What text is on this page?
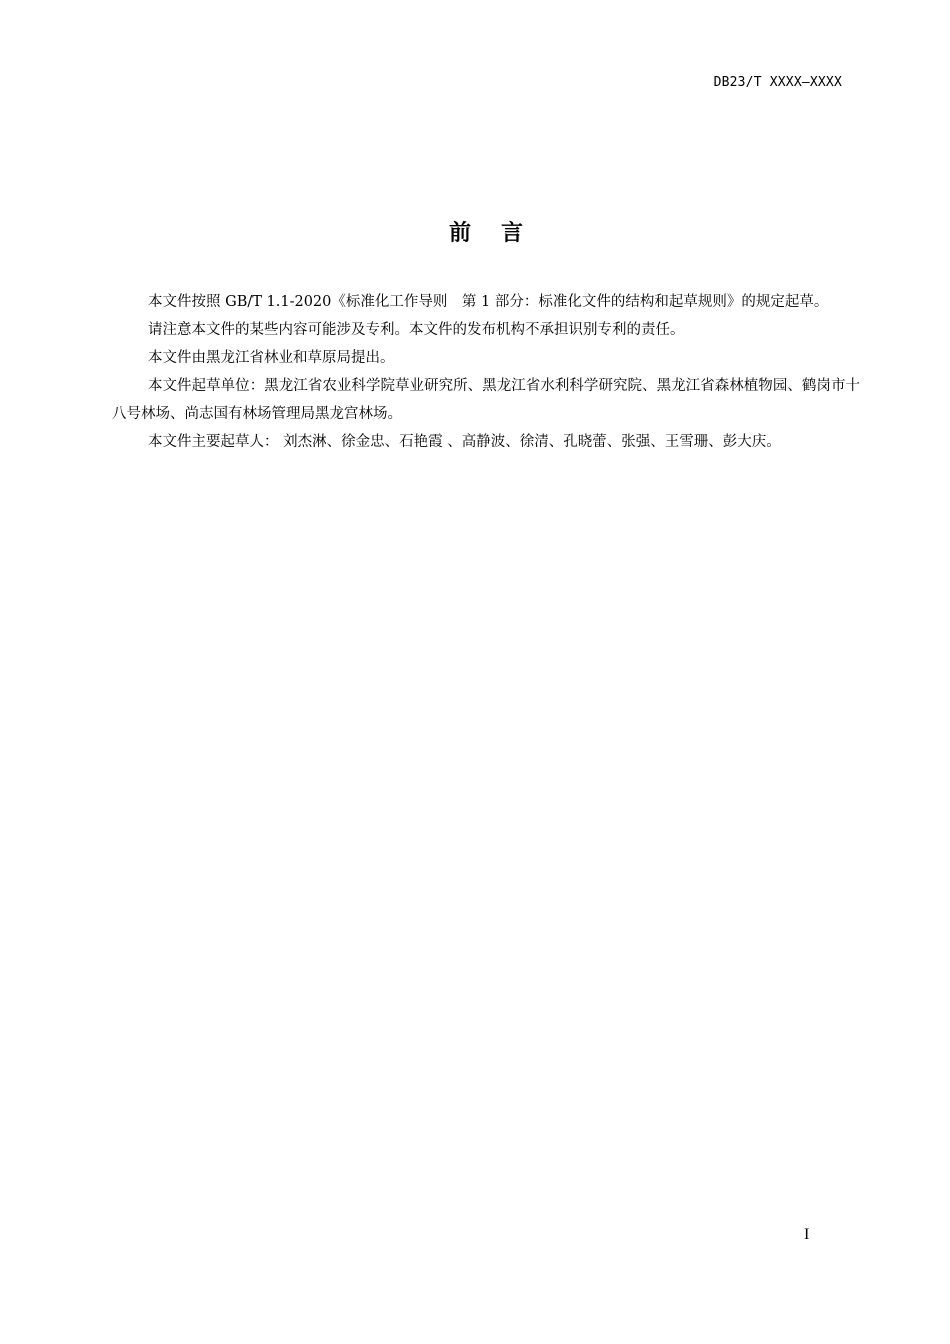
DB23/T XXXX—XXXX
前 言

本文件按照 GB/T 1.1-2020《标准化工作导则　第 1 部分：标准化文件的结构和起草规则》的规定起草。

请注意本文件的某些内容可能涉及专利。本文件的发布机构不承担识别专利的责任。

本文件由黑龙江省林业和草原局提出。

本文件起草单位：黑龙江省农业科学院草业研究所、黑龙江省水利科学研究院、黑龙江省森林植物园、鹤岗市十八号林场、尚志国有林场管理局黑龙宫林场。

本文件主要起草人： 刘杰淋、徐金忠、石艳霞 、高静波、徐清、孔晓蕾、张强、王雪珊、彭大庆。

I
